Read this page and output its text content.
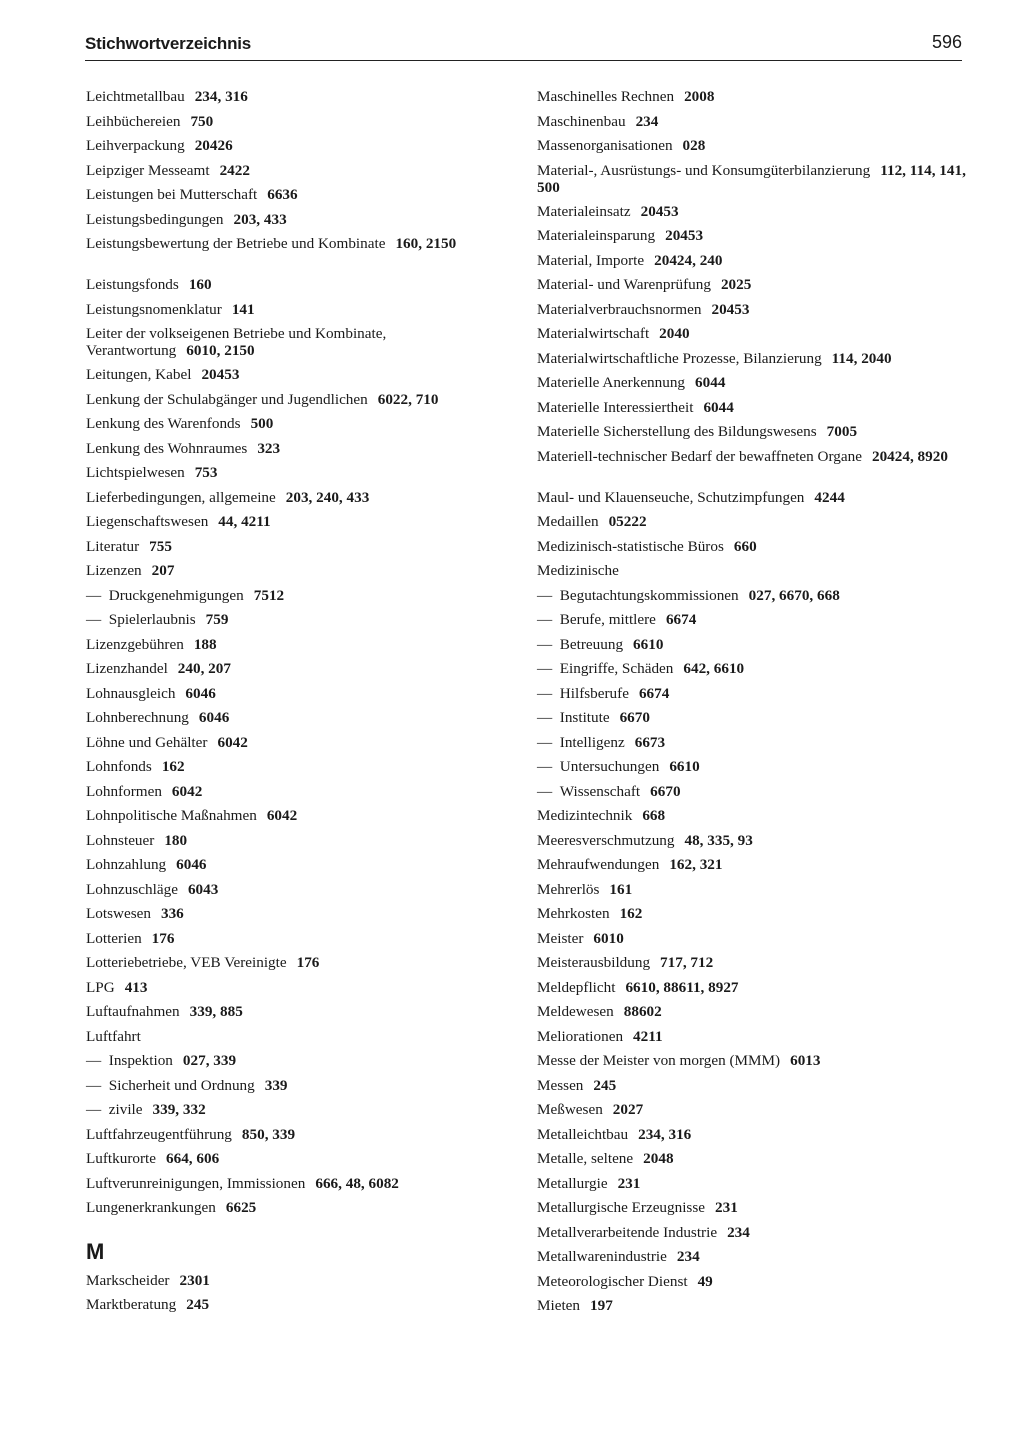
Stichwortverzeichnis	596
Leichtmetallbau 234, 316
Leihbüchereien 750
Leihverpackung 20426
Leipziger Messeamt 2422
Leistungen bei Mutterschaft 6636
Leistungsbedingungen 203, 433
Leistungsbewertung der Betriebe und Kombinate 160, 2150
Leistungsfonds 160
Leistungsnomenklatur 141
Leiter der volkseigenen Betriebe und Kombinate, Verantwortung 6010, 2150
Leitungen, Kabel 20453
Lenkung der Schulabgänger und Jugendlichen 6022, 710
Lenkung des Warenfonds 500
Lenkung des Wohnraumes 323
Lichtspielwesen 753
Lieferbedingungen, allgemeine 203, 240, 433
Liegenschaftswesen 44, 4211
Literatur 755
Lizenzen 207
—  Druckgenehmigungen 7512
—  Spielerlaubnis 759
Lizenzgebühren 188
Lizenzhandel 240, 207
Lohnausgleich 6046
Lohnberechnung 6046
Löhne und Gehälter 6042
Lohnfonds 162
Lohnformen 6042
Lohnpolitische Maßnahmen 6042
Lohnsteuer 180
Lohnzahlung 6046
Lohnzuschläge 6043
Lotswesen 336
Lotterien 176
Lotteriebetriebe, VEB Vereinigte 176
LPG 413
Luftaufnahmen 339, 885
Luftfahrt
—  Inspektion 027, 339
—  Sicherheit und Ordnung 339
—  zivile 339, 332
Luftfahrzeugentführung 850, 339
Luftkurorte 664, 606
Luftverunreinigungen, Immissionen 666, 48, 6082
Lungenerkrankungen 6625
M
Markscheider 2301
Marktberatung 245
Maschinelles Rechnen 2008
Maschinenbau 234
Massenorganisationen 028
Material-, Ausrüstungs- und Konsumgüterbilanzierung 112, 114, 141, 500
Materialeinsatz 20453
Materialeinsparung 20453
Material, Importe 20424, 240
Material- und Warenprüfung 2025
Materialverbrauchsnormen 20453
Materialwirtschaft 2040
Materialwirtschaftliche Prozesse, Bilanzierung 114, 2040
Materielle Anerkennung 6044
Materielle Interessiertheit 6044
Materielle Sicherstellung des Bildungswesens 7005
Materiell-technischer Bedarf der bewaffneten Organe 20424, 8920
Maul- und Klauenseuche, Schutzimpfungen 4244
Medaillen 05222
Medizinisch-statistische Büros 660
Medizinische
—  Begutachtungskommissionen 027, 6670, 668
—  Berufe, mittlere 6674
—  Betreuung 6610
—  Eingriffe, Schäden 642, 6610
—  Hilfsberufe 6674
—  Institute 6670
—  Intelligenz 6673
—  Untersuchungen 6610
—  Wissenschaft 6670
Medizintechnik 668
Meeresverschmutzung 48, 335, 93
Mehraufwendungen 162, 321
Mehrerlös 161
Mehrkosten 162
Meister 6010
Meisterausbildung 717, 712
Meldepflicht 6610, 88611, 8927
Meldewesen 88602
Meliorationen 4211
Messe der Meister von morgen (MMM) 6013
Messen 245
Meßwesen 2027
Metalleichtbau 234, 316
Metalle, seltene 2048
Metallurgie 231
Metallurgische Erzeugnisse 231
Metallverarbeitende Industrie 234
Metallwarenindustrie 234
Meteorologischer Dienst 49
Mieten 197
